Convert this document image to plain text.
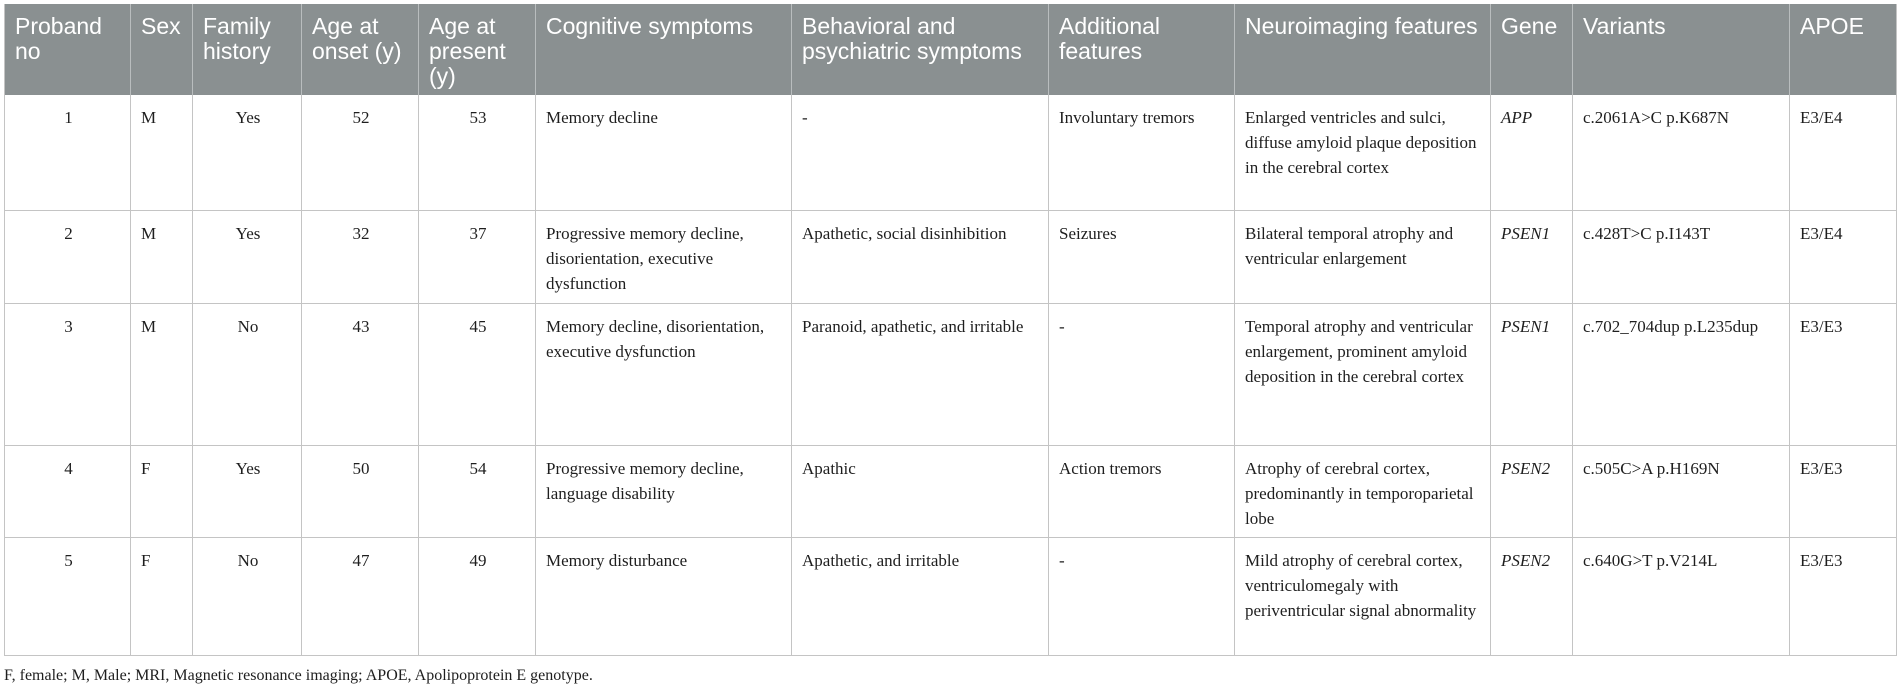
Proband no	Sex	Family history	Age at onset (y)	Age at present (y)	Cognitive symptoms	Behavioral and psychiatric symptoms	Additional features	Neuroimaging features	Gene	Variants	APOE
1	M	Yes	52	53	Memory decline	-	Involuntary tremors	Enlarged ventricles and sulci, diffuse amyloid plaque deposition in the cerebral cortex	APP	c.2061A>C p.K687N	E3/E4
2	M	Yes	32	37	Progressive memory decline, disorientation, executive dysfunction	Apathetic, social disinhibition	Seizures	Bilateral temporal atrophy and ventricular enlargement	PSEN1	c.428T>C p.I143T	E3/E4
3	M	No	43	45	Memory decline, disorientation, executive dysfunction	Paranoid, apathetic, and irritable	-	Temporal atrophy and ventricular enlargement, prominent amyloid deposition in the cerebral cortex	PSEN1	c.702_704dup p.L235dup	E3/E3
4	F	Yes	50	54	Progressive memory decline, language disability	Apathic	Action tremors	Atrophy of cerebral cortex, predominantly in temporoparietal lobe	PSEN2	c.505C>A p.H169N	E3/E3
5	F	No	47	49	Memory disturbance	Apathetic, and irritable	-	Mild atrophy of cerebral cortex, ventriculomegaly with periventricular signal abnormality	PSEN2	c.640G>T p.V214L	E3/E3
F, female; M, Male; MRI, Magnetic resonance imaging; APOE, Apolipoprotein E genotype.
